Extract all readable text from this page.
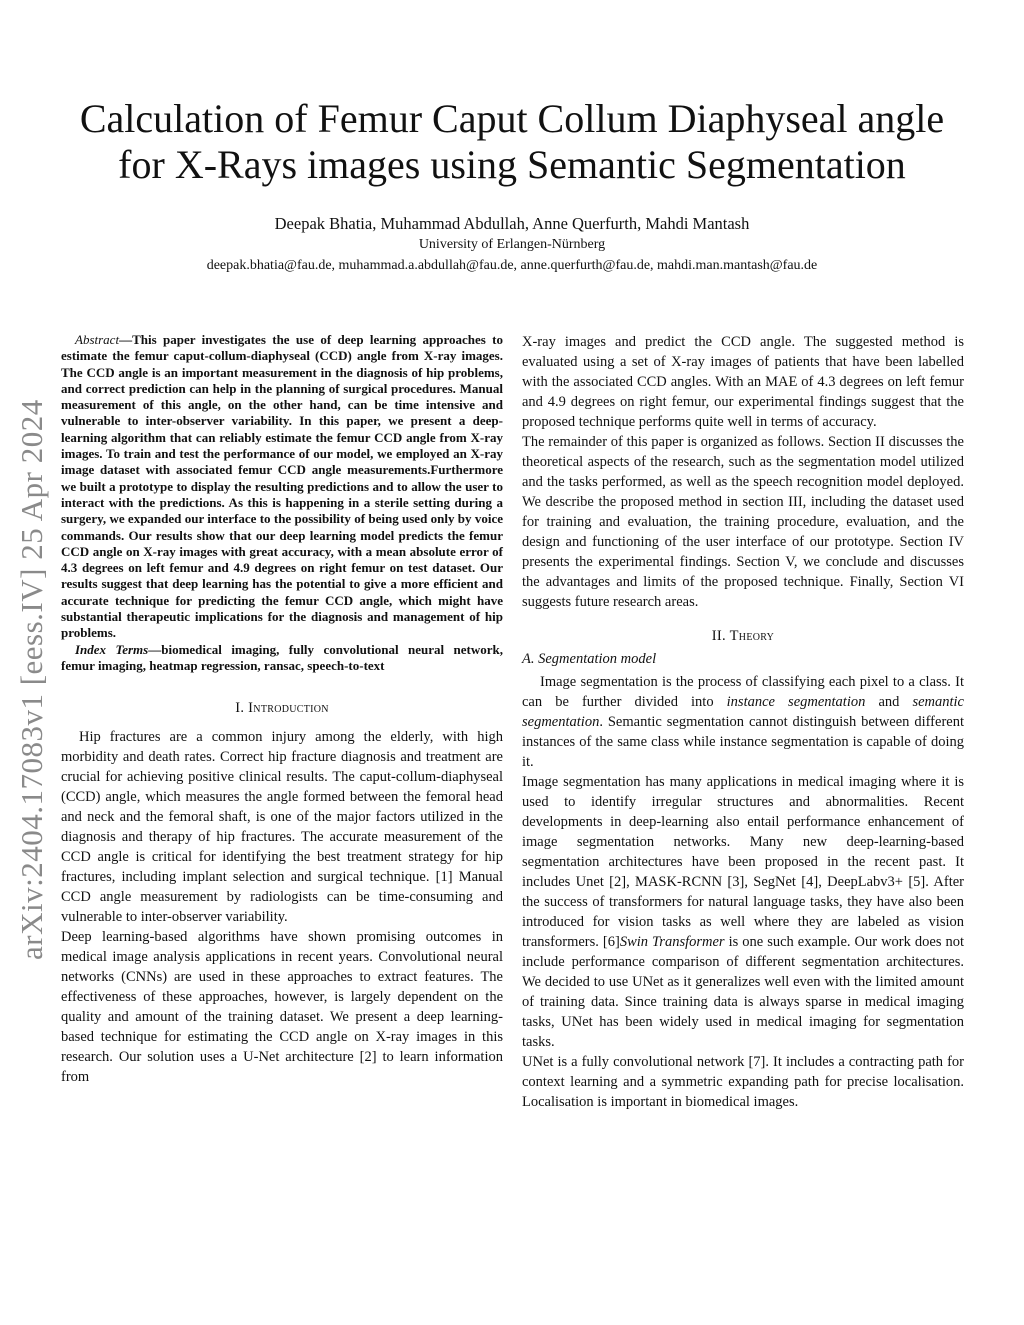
arXiv:2404.17083v1 [eess.IV] 25 Apr 2024
Calculation of Femur Caput Collum Diaphyseal angle
for X-Rays images using Semantic Segmentation
Deepak Bhatia, Muhammad Abdullah, Anne Querfurth, Mahdi Mantash
University of Erlangen-Nürnberg
deepak.bhatia@fau.de, muhammad.a.abdullah@fau.de, anne.querfurth@fau.de, mahdi.man.mantash@fau.de

Abstract—This paper investigates the use of deep learning approaches to estimate the femur caput-collum-diaphyseal (CCD) angle from X-ray images. The CCD angle is an important measurement in the diagnosis of hip problems, and correct prediction can help in the planning of surgical procedures. Manual measurement of this angle, on the other hand, can be time intensive and vulnerable to inter-observer variability. In this paper, we present a deep-learning algorithm that can reliably estimate the femur CCD angle from X-ray images. To train and test the performance of our model, we employed an X-ray image dataset with associated femur CCD angle measurements.Furthermore we built a prototype to display the resulting predictions and to allow the user to interact with the predictions. As this is happening in a sterile setting during a surgery, we expanded our interface to the possibility of being used only by voice commands. Our results show that our deep learning model predicts the femur CCD angle on X-ray images with great accuracy, with a mean absolute error of 4.3 degrees on left femur and 4.9 degrees on right femur on test dataset. Our results suggest that deep learning has the potential to give a more efficient and accurate technique for predicting the femur CCD angle, which might have substantial therapeutic implications for the diagnosis and management of hip problems.

Index Terms—biomedical imaging, fully convolutional neural network, femur imaging, heatmap regression, ransac, speech-to-text

I. Introduction

Hip fractures are a common injury among the elderly, with high morbidity and death rates. Correct hip fracture diagnosis and treatment are crucial for achieving positive clinical results. The caput-collum-diaphyseal (CCD) angle, which measures the angle formed between the femoral head and neck and the femoral shaft, is one of the major factors utilized in the diagnosis and therapy of hip fractures. The accurate measurement of the CCD angle is critical for identifying the best treatment strategy for hip fractures, including implant selection and surgical technique. [1] Manual CCD angle measurement by radiologists can be time-consuming and vulnerable to inter-observer variability.

Deep learning-based algorithms have shown promising outcomes in medical image analysis applications in recent years. Convolutional neural networks (CNNs) are used in these approaches to extract features. The effectiveness of these approaches, however, is largely dependent on the quality and amount of the training dataset. We present a deep learning-based technique for estimating the CCD angle on X-ray images in this research. Our solution uses a U-Net architecture [2] to learn information from

X-ray images and predict the CCD angle. The suggested method is evaluated using a set of X-ray images of patients that have been labelled with the associated CCD angles. With an MAE of 4.3 degrees on left femur and 4.9 degrees on right femur, our experimental findings suggest that the proposed technique performs quite well in terms of accuracy.

The remainder of this paper is organized as follows. Section II discusses the theoretical aspects of the research, such as the segmentation model utilized and the tasks performed, as well as the speech recognition model deployed. We describe the proposed method in section III, including the dataset used for training and evaluation, the training procedure, evaluation, and the design and functioning of the user interface of our prototype. Section IV presents the experimental findings. Section V, we conclude and discusses the advantages and limits of the proposed technique. Finally, Section VI suggests future research areas.

II. Theory
A. Segmentation model

Image segmentation is the process of classifying each pixel to a class. It can be further divided into instance segmentation and semantic segmentation. Semantic segmentation cannot distinguish between different instances of the same class while instance segmentation is capable of doing it.

Image segmentation has many applications in medical imaging where it is used to identify irregular structures and abnormalities. Recent developments in deep-learning also entail performance enhancement of image segmentation networks. Many new deep-learning-based segmentation architectures have been proposed in the recent past. It includes Unet [2], MASK-RCNN [3], SegNet [4], DeepLabv3+ [5]. After the success of transformers for natural language tasks, they have also been introduced for vision tasks as well where they are labeled as vision transformers. [6]Swin Transformer is one such example. Our work does not include performance comparison of different segmentation architectures. We decided to use UNet as it generalizes well even with the limited amount of training data. Since training data is always sparse in medical imaging tasks, UNet has been widely used in medical imaging for segmentation tasks.

UNet is a fully convolutional network [7]. It includes a contracting path for context learning and a symmetric expanding path for precise localisation. Localisation is important in biomedical images.
